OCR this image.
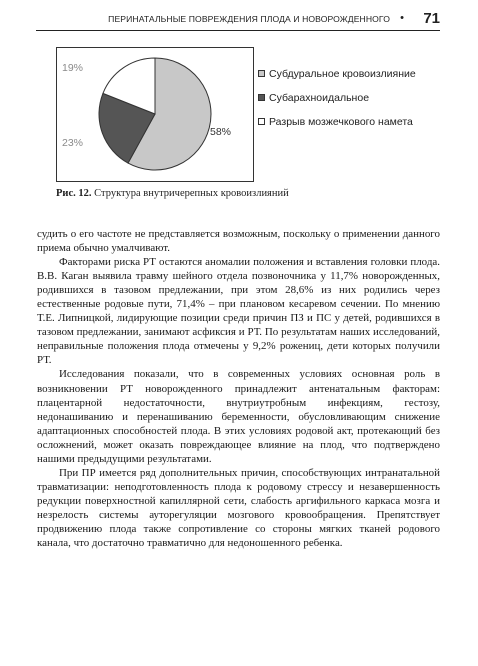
ПЕРИНАТАЛЬНЫЕ ПОВРЕЖДЕНИЯ ПЛОДА И НОВОРОЖДЕННОГО • 71
19%
23%
58%
Субдуральное кровоизлияние
Субарахноидальное
Разрыв мозжечкового намета
Рис. 12. Структура внутричерепных кровоизлияний

судить о его частоте не представляется возможным, поскольку о применении данного приема обычно умалчивают.

Факторами риска РТ остаются аномалии положения и вставления головки плода. В.В. Каган выявила травму шейного отдела позвоночника у 11,7% новорожденных, родившихся в тазовом предлежании, при этом 28,6% из них родились через естественные родовые пути, 71,4% – при плановом кесаревом сечении. По мнению Т.Е. Липницкой, лидирующие позиции среди причин ПЗ и ПС у детей, родившихся в тазовом предлежании, занимают асфиксия и РТ. По результатам наших исследований, неправильные положения плода отмечены у 9,2% рожениц, дети которых получили РТ.

Исследования показали, что в современных условиях основная роль в возникновении РТ новорожденного принадлежит антенатальным факторам: плацентарной недостаточности, внутриутробным инфекциям, гестозу, недонашиванию и перенашиванию беременности, обусловливающим снижение адаптационных способностей плода. В этих условиях родовой акт, протекающий без осложнений, может оказать повреждающее влияние на плод, что подтверждено нашими предыдущими результатами.

При ПР имеется ряд дополнительных причин, способствующих интранатальной травматизации: неподготовленность плода к родовому стрессу и незавершенность редукции поверхностной капиллярной сети, слабость аргифильного каркаса мозга и незрелость системы ауторегуляции мозгового кровообращения. Препятствует продвижению плода также сопротивление со стороны мягких тканей родового канала, что достаточно травматично для недоношенного ребенка.
